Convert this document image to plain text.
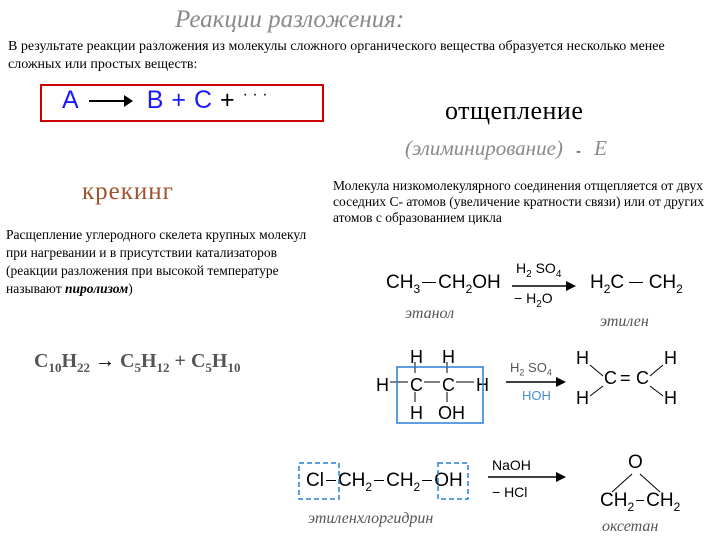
Реакции разложения:
В результате реакции разложения из молекулы сложного органического вещества образуется несколько менее сложных или простых веществ:
A	B + C + · · ·
отщепление
(элиминирование) - E
крекинг
Расщепление углеродного скелета крупных молекул при нагревании и в присутствии катализаторов (реакции разложения при высокой температуре называют пиролизом)
Молекула низкомолекулярного соединения отщепляется от двух соседних С- атомов (увеличение кратности связи) или от других атомов с образованием цикла
$C_{10}H_{22} \to C_5H_{12} + C_5H_{10}$
$CH_3$ $CH_2OH$
$H_2$ $SO_4$
− $H_2O$
$H_2C$  $CH_2$
этанол	этилен
H H
H C C H
H OH
$H_2$ $SO_4$
HOH
H	H
C = C
H	H
Cl $CH_2$ $CH_2$ OH
NaOH
− HCl
O
$CH_2$ $CH_2$
этиленхлоргидрин	оксетан
